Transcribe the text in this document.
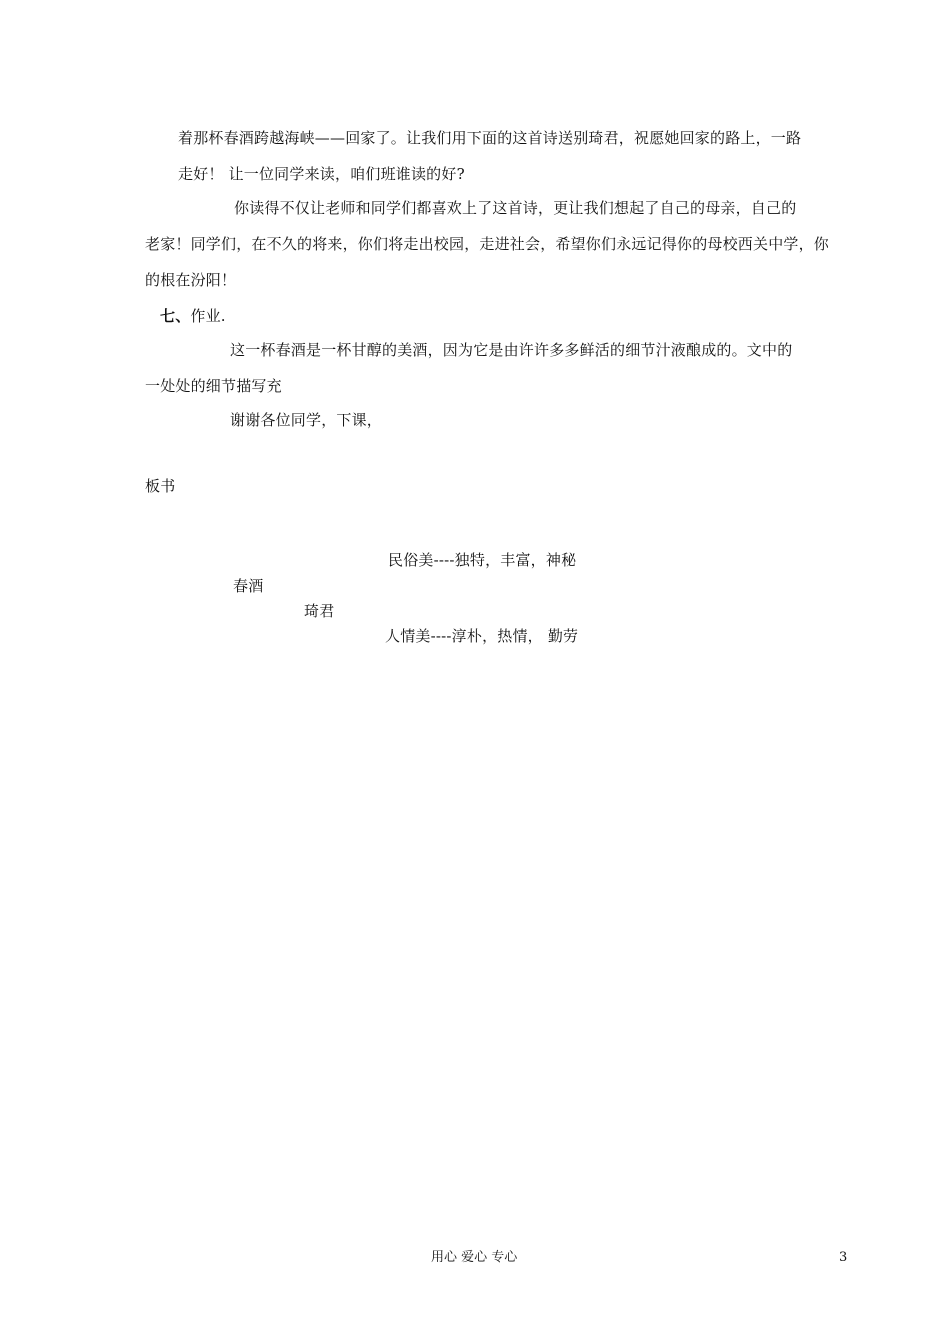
着那杯春酒跨越海峡——回家了。让我们用下面的这首诗送别琦君，祝愿她回家的路上，一路
走好！ 让一位同学来读，咱们班谁读的好?
你读得不仅让老师和同学们都喜欢上了这首诗，更让我们想起了自己的母亲，自己的
老家！同学们，在不久的将来，你们将走出校园，走进社会，希望你们永远记得你的母校西关中学，你
的根在汾阳！
七、作业.
这一杯春酒是一杯甘醇的美酒，因为它是由许许多多鲜活的细节汁液酿成的。文中的
一处处的细节描写充
谢谢各位同学，下课，
板书
民俗美----独特，丰富，神秘
春酒
琦君
人情美----淳朴，热情， 勤劳
用心 爱心 专心	3
